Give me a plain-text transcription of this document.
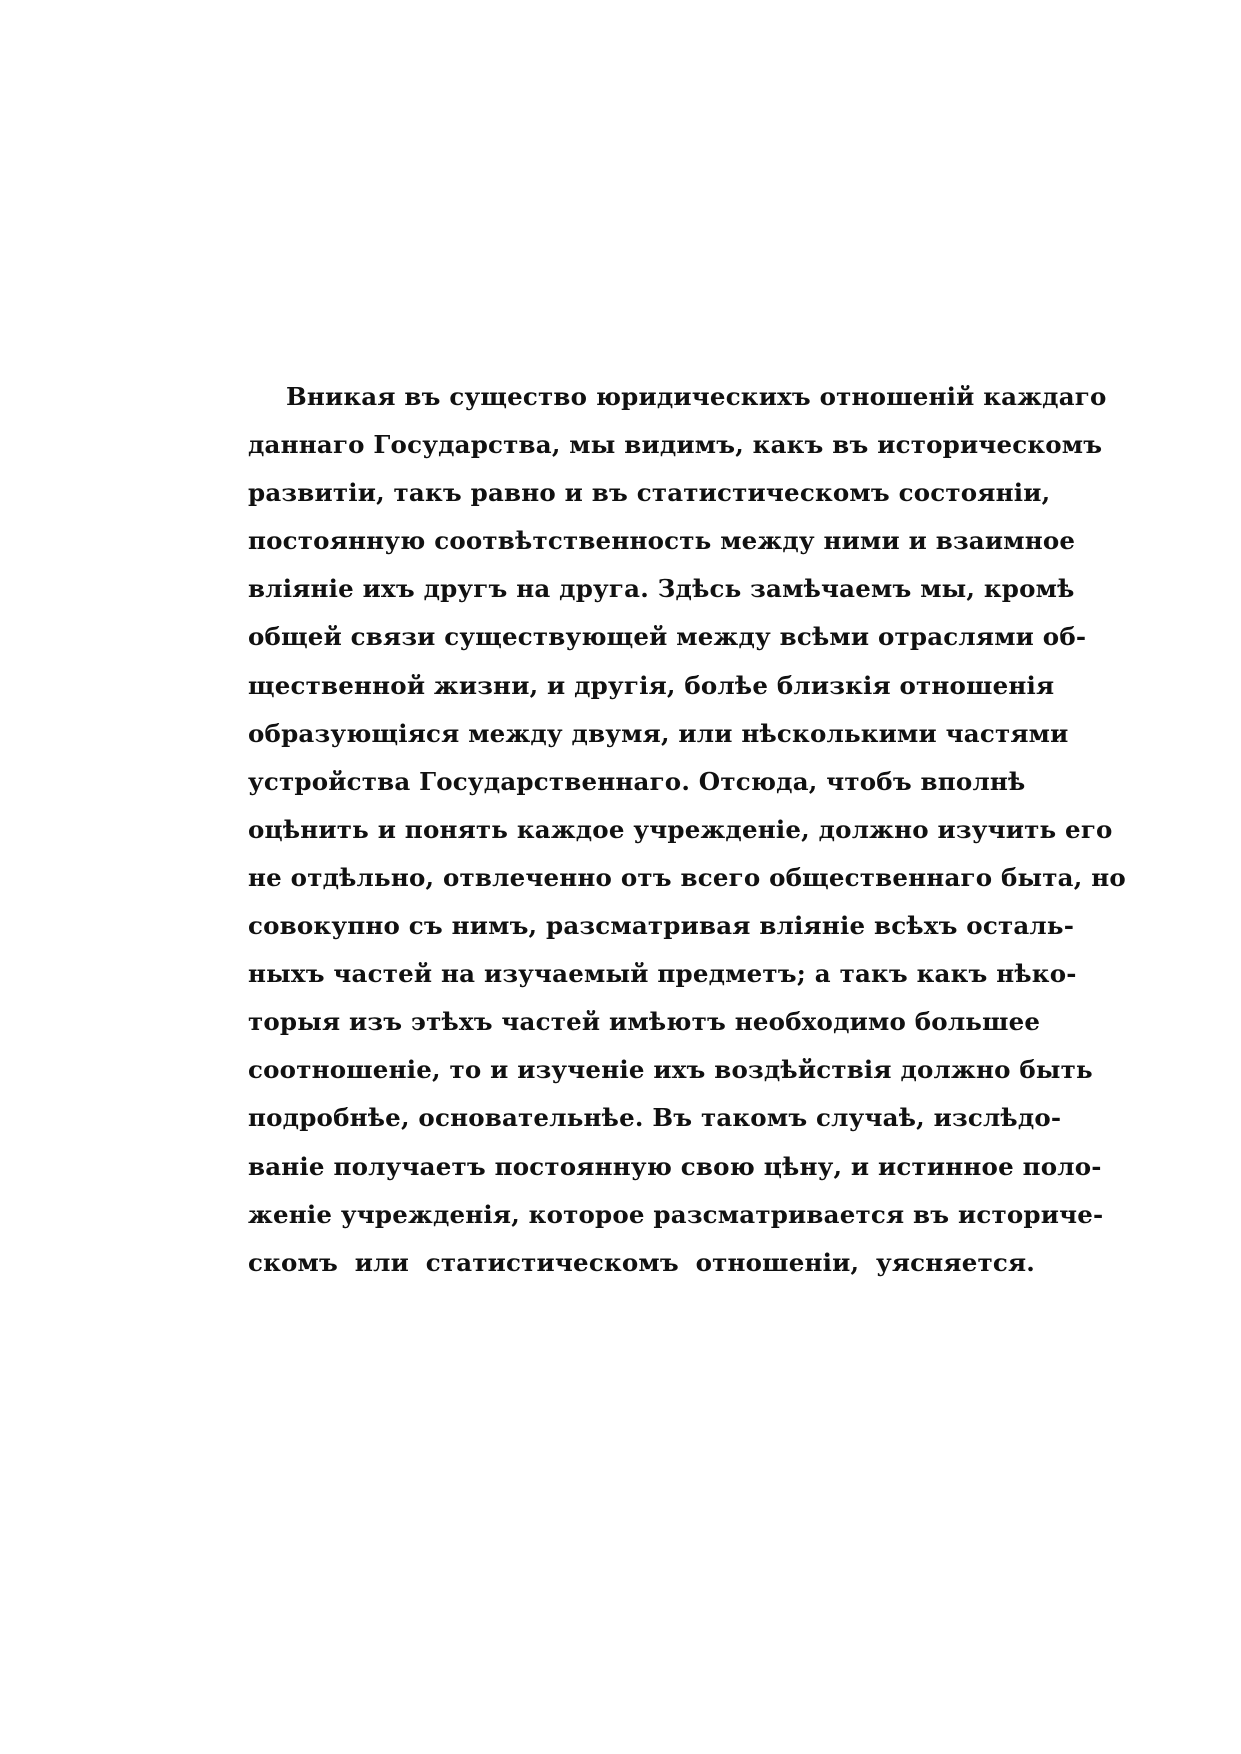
Вникая въ существо юридическихъ отношенiй каждаго
даннаго Государства, мы видимъ, какъ въ историческомъ
развитiи, такъ равно и въ статистическомъ состоянiи,
постоянную соотвѣтственность между ними и взаимное
влiянiе ихъ другъ на друга. Здѣсь замѣчаемъ мы, кромѣ
общей связи существующей между всѣми отраслями об-
щественной жизни, и другiя, болѣе близкiя отношенiя
образующiяся между двумя, или нѣсколькими частями
устройства Государственнаго. Отсюда, чтобъ вполнѣ
оцѣнить и понять каждое учрежденiе, должно изучить его
не отдѣльно, отвлеченно отъ всего общественнаго быта, но
совокупно съ нимъ, разсматривая влiянiе всѣхъ осталь-
ныхъ частей на изучаемый предметъ; а такъ какъ нѣко-
торыя изъ этѣхъ частей имѣютъ необходимо большее
соотношенiе, то и изученiе ихъ воздѣйствiя должно быть
подробнѣе, основательнѣе. Въ такомъ случаѣ, изслѣдо-
ванiе получаетъ постоянную свою цѣну, и истинное поло-
женiе учрежденiя, которое разсматривается въ историче-
скомъ или статистическомъ отношенiи, уясняется.
